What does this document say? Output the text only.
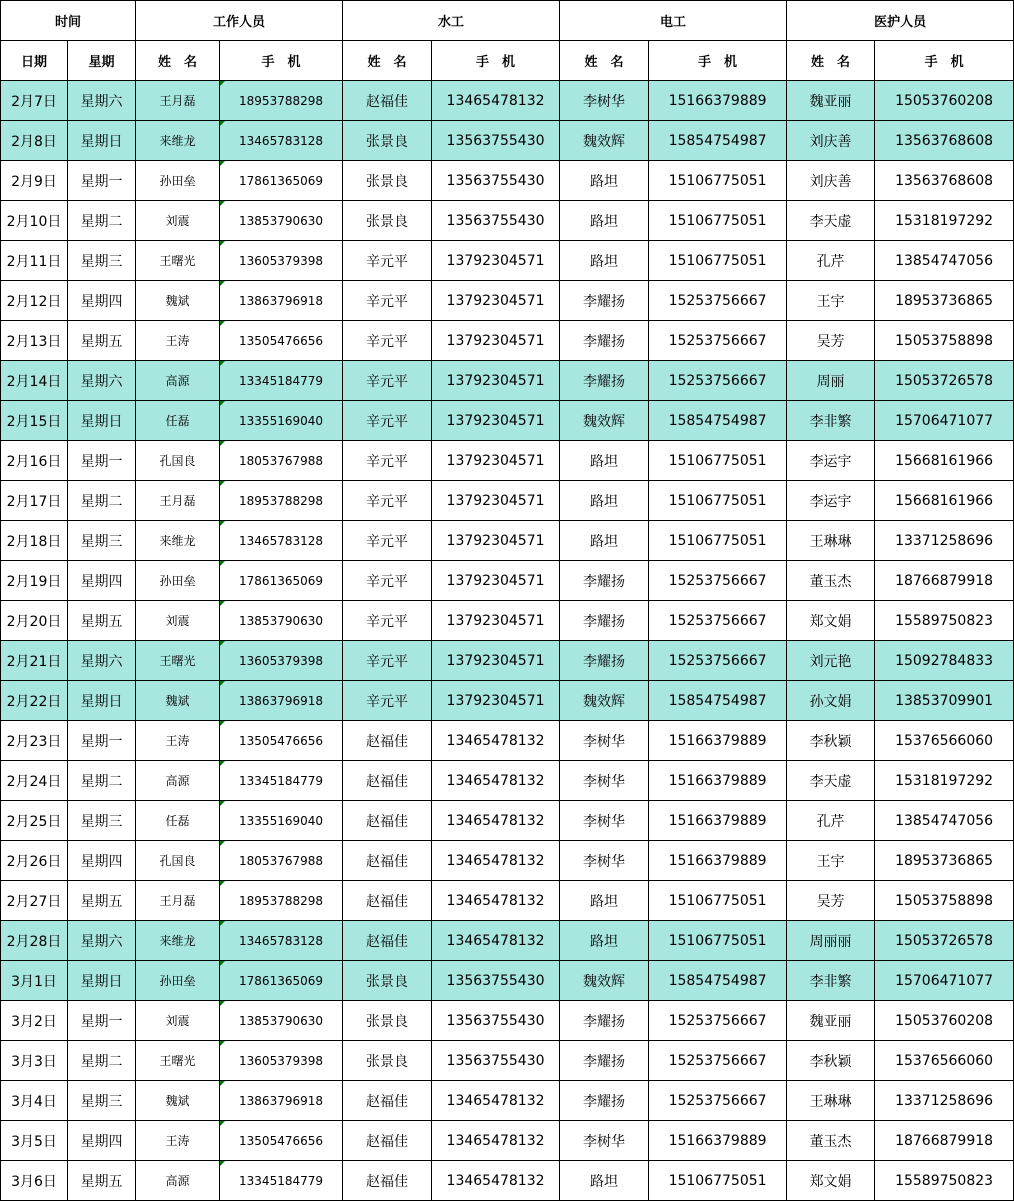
时间		工作人员		水工		电工		医护人员	
日期	星期	姓　名	手　机	姓　名	手　机	姓　名	手　机	姓　名	手　机
2月7日	星期六	王月磊	18953788298	赵福佳	13465478132	李树华	15166379889	魏亚丽	15053760208
2月8日	星期日	来维龙	13465783128	张景良	13563755430	魏效辉	15854754987	刘庆善	13563768608
2月9日	星期一	孙田垒	17861365069	张景良	13563755430	路坦	15106775051	刘庆善	13563768608
2月10日	星期二	刘震	13853790630	张景良	13563755430	路坦	15106775051	李天虚	15318197292
2月11日	星期三	王曙光	13605379398	辛元平	13792304571	路坦	15106775051	孔芹	13854747056
2月12日	星期四	魏斌	13863796918	辛元平	13792304571	李耀扬	15253756667	王宇	18953736865
2月13日	星期五	王涛	13505476656	辛元平	13792304571	李耀扬	15253756667	吴芳	15053758898
2月14日	星期六	高源	13345184779	辛元平	13792304571	李耀扬	15253756667	周丽	15053726578
2月15日	星期日	任磊	13355169040	辛元平	13792304571	魏效辉	15854754987	李非繁	15706471077
2月16日	星期一	孔国良	18053767988	辛元平	13792304571	路坦	15106775051	李运宇	15668161966
2月17日	星期二	王月磊	18953788298	辛元平	13792304571	路坦	15106775051	李运宇	15668161966
2月18日	星期三	来维龙	13465783128	辛元平	13792304571	路坦	15106775051	王琳琳	13371258696
2月19日	星期四	孙田垒	17861365069	辛元平	13792304571	李耀扬	15253756667	董玉杰	18766879918
2月20日	星期五	刘震	13853790630	辛元平	13792304571	李耀扬	15253756667	郑文娟	15589750823
2月21日	星期六	王曙光	13605379398	辛元平	13792304571	李耀扬	15253756667	刘元艳	15092784833
2月22日	星期日	魏斌	13863796918	辛元平	13792304571	魏效辉	15854754987	孙文娟	13853709901
2月23日	星期一	王涛	13505476656	赵福佳	13465478132	李树华	15166379889	李秋颖	15376566060
2月24日	星期二	高源	13345184779	赵福佳	13465478132	李树华	15166379889	李天虚	15318197292
2月25日	星期三	任磊	13355169040	赵福佳	13465478132	李树华	15166379889	孔芹	13854747056
2月26日	星期四	孔国良	18053767988	赵福佳	13465478132	李树华	15166379889	王宇	18953736865
2月27日	星期五	王月磊	18953788298	赵福佳	13465478132	路坦	15106775051	吴芳	15053758898
2月28日	星期六	来维龙	13465783128	赵福佳	13465478132	路坦	15106775051	周丽丽	15053726578
3月1日	星期日	孙田垒	17861365069	张景良	13563755430	魏效辉	15854754987	李非繁	15706471077
3月2日	星期一	刘震	13853790630	张景良	13563755430	李耀扬	15253756667	魏亚丽	15053760208
3月3日	星期二	王曙光	13605379398	张景良	13563755430	李耀扬	15253756667	李秋颖	15376566060
3月4日	星期三	魏斌	13863796918	赵福佳	13465478132	李耀扬	15253756667	王琳琳	13371258696
3月5日	星期四	王涛	13505476656	赵福佳	13465478132	李树华	15166379889	董玉杰	18766879918
3月6日	星期五	高源	13345184779	赵福佳	13465478132	路坦	15106775051	郑文娟	15589750823
